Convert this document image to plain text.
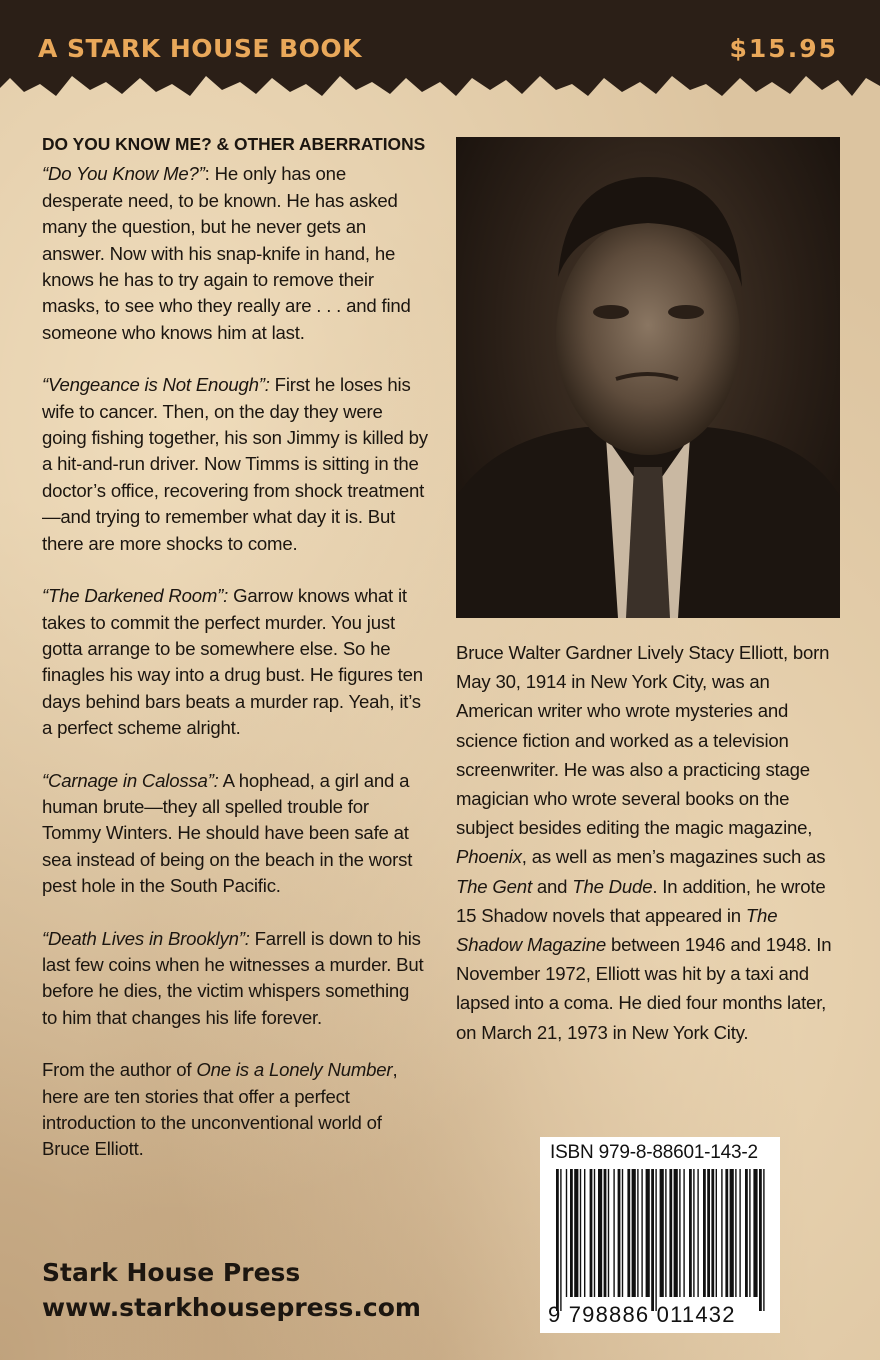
A STARK HOUSE BOOK	$15.95
DO YOU KNOW ME? & OTHER ABERRATIONS

“Do You Know Me?”: He only has one desperate need, to be known. He has asked many the question, but he never gets an answer. Now with his snap-knife in hand, he knows he has to try again to remove their masks, to see who they really are . . . and find someone who knows him at last.

“Vengeance is Not Enough”: First he loses his wife to cancer. Then, on the day they were going fishing together, his son Jimmy is killed by a hit-and-run driver. Now Timms is sitting in the doctor’s office, recovering from shock treatment—and trying to remember what day it is. But there are more shocks to come.

“The Darkened Room”: Garrow knows what it takes to commit the perfect murder. You just gotta arrange to be somewhere else. So he finagles his way into a drug bust. He figures ten days behind bars beats a murder rap. Yeah, it’s a perfect scheme alright.

“Carnage in Calossa”: A hophead, a girl and a human brute—they all spelled trouble for Tommy Winters. He should have been safe at sea instead of being on the beach in the worst pest hole in the South Pacific.

“Death Lives in Brooklyn”: Farrell is down to his last few coins when he witnesses a murder. But before he dies, the victim whispers something to him that changes his life forever.

From the author of One is a Lonely Number, here are ten stories that offer a perfect introduction to the unconventional world of Bruce Elliott.

Bruce Walter Gardner Lively Stacy Elliott, born May 30, 1914 in New York City, was an American writer who wrote mysteries and science fiction and worked as a television screenwriter. He was also a practicing stage magician who wrote several books on the subject besides editing the magic magazine, Phoenix, as well as men’s magazines such as The Gent and The Dude. In addition, he wrote 15 Shadow novels that appeared in The Shadow Magazine between 1946 and 1948. In November 1972, Elliott was hit by a taxi and lapsed into a coma. He died four months later, on March 21, 1973 in New York City.
ISBN 979-8-88601-143-2
9 798886 011432
Stark House Press
www.starkhousepress.com
